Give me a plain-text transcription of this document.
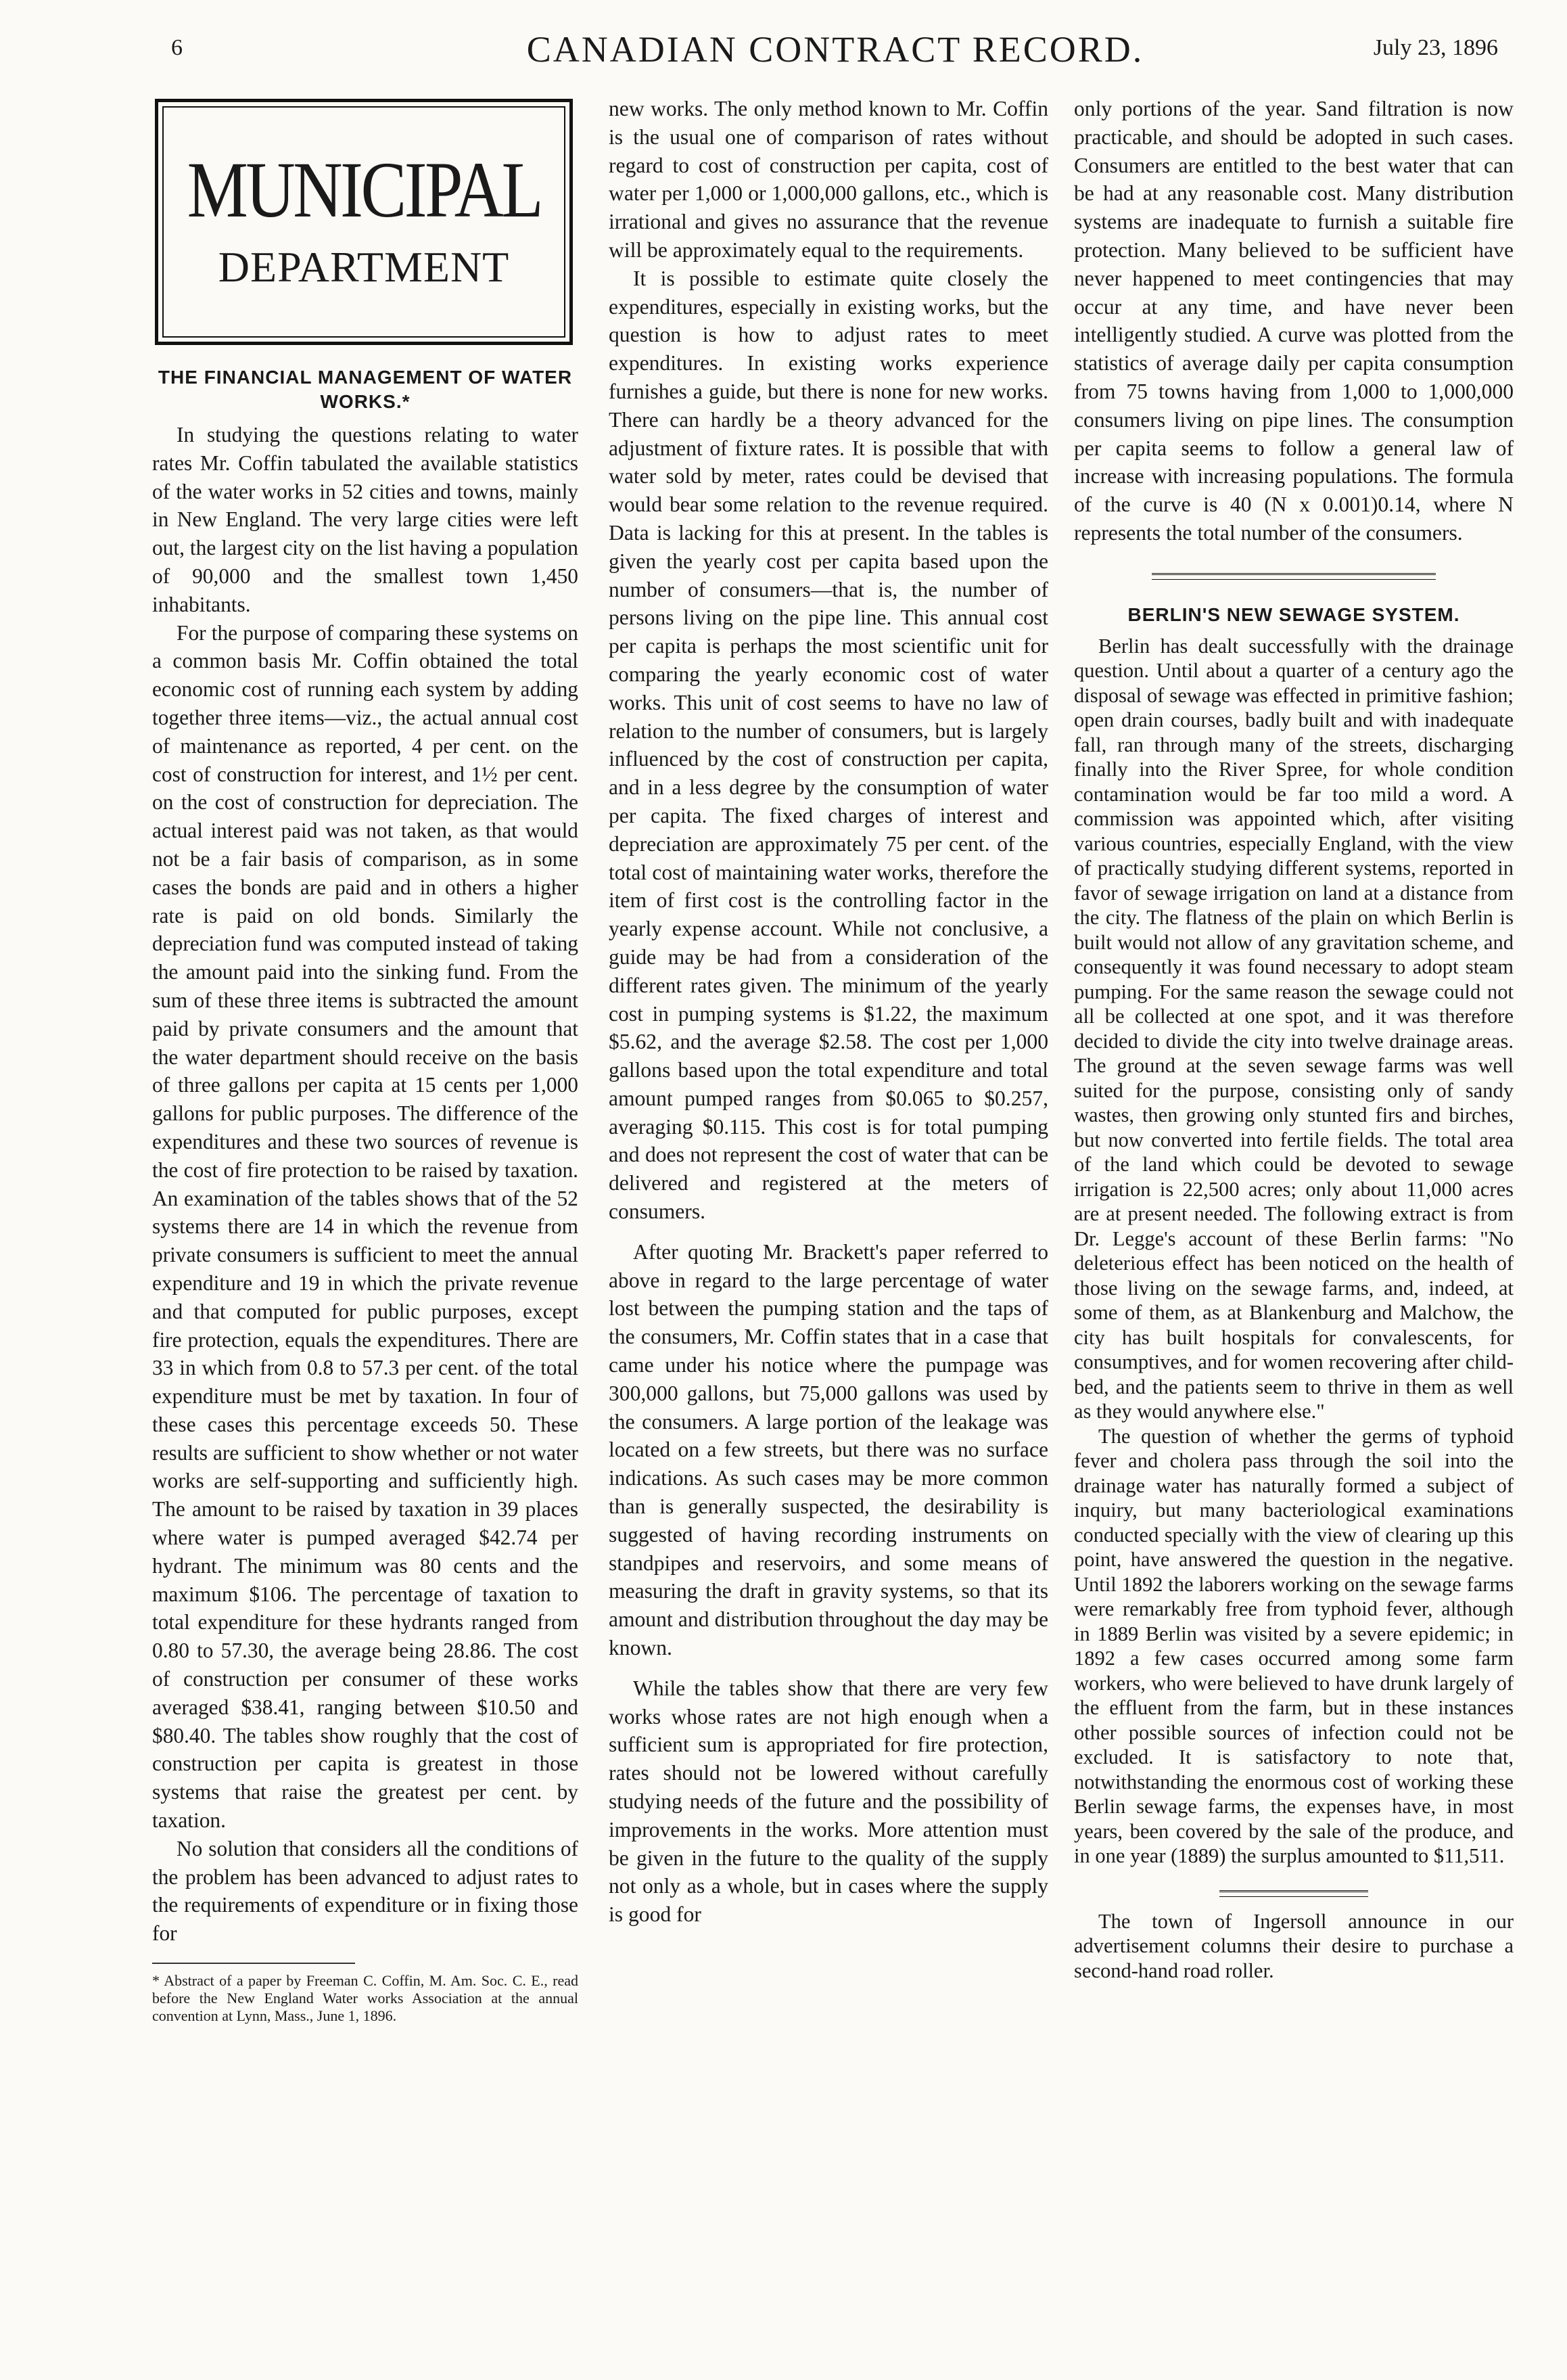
6	CANADIAN CONTRACT RECORD.	July 23, 1896
MUNICIPAL
DEPARTMENT
THE FINANCIAL MANAGEMENT OF WATER WORKS.*

In studying the questions relating to water rates Mr. Coffin tabulated the available statistics of the water works in 52 cities and towns, mainly in New England. The very large cities were left out, the largest city on the list having a population of 90,000 and the smallest town 1,450 inhabitants.

For the purpose of comparing these systems on a common basis Mr. Coffin obtained the total economic cost of running each system by adding together three items—viz., the actual annual cost of maintenance as reported, 4 per cent. on the cost of construction for interest, and 1½ per cent. on the cost of construction for depreciation. The actual interest paid was not taken, as that would not be a fair basis of comparison, as in some cases the bonds are paid and in others a higher rate is paid on old bonds. Similarly the depreciation fund was computed instead of taking the amount paid into the sinking fund. From the sum of these three items is subtracted the amount paid by private consumers and the amount that the water department should receive on the basis of three gallons per capita at 15 cents per 1,000 gallons for public purposes. The difference of the expenditures and these two sources of revenue is the cost of fire protection to be raised by taxation. An examination of the tables shows that of the 52 systems there are 14 in which the revenue from private consumers is sufficient to meet the annual expenditure and 19 in which the private revenue and that computed for public purposes, except fire protection, equals the expenditures. There are 33 in which from 0.8 to 57.3 per cent. of the total expenditure must be met by taxation. In four of these cases this percentage exceeds 50. These results are sufficient to show whether or not water works are self-supporting and sufficiently high. The amount to be raised by taxation in 39 places where water is pumped averaged $42.74 per hydrant. The minimum was 80 cents and the maximum $106. The percentage of taxation to total expenditure for these hydrants ranged from 0.80 to 57.30, the average being 28.86. The cost of construction per consumer of these works averaged $38.41, ranging between $10.50 and $80.40. The tables show roughly that the cost of construction per capita is greatest in those systems that raise the greatest per cent. by taxation.

No solution that considers all the conditions of the problem has been advanced to adjust rates to the requirements of expenditure or in fixing those for

* Abstract of a paper by Freeman C. Coffin, M. Am. Soc. C. E., read before the New England Water works Association at the annual convention at Lynn, Mass., June 1, 1896.

new works. The only method known to Mr. Coffin is the usual one of comparison of rates without regard to cost of construction per capita, cost of water per 1,000 or 1,000,000 gallons, etc., which is irrational and gives no assurance that the revenue will be approximately equal to the requirements.

It is possible to estimate quite closely the expenditures, especially in existing works, but the question is how to adjust rates to meet expenditures. In existing works experience furnishes a guide, but there is none for new works. There can hardly be a theory advanced for the adjustment of fixture rates. It is possible that with water sold by meter, rates could be devised that would bear some relation to the revenue required. Data is lacking for this at present. In the tables is given the yearly cost per capita based upon the number of consumers—that is, the number of persons living on the pipe line. This annual cost per capita is perhaps the most scientific unit for comparing the yearly economic cost of water works. This unit of cost seems to have no law of relation to the number of consumers, but is largely influenced by the cost of construction per capita, and in a less degree by the consumption of water per capita. The fixed charges of interest and depreciation are approximately 75 per cent. of the total cost of maintaining water works, therefore the item of first cost is the controlling factor in the yearly expense account. While not conclusive, a guide may be had from a consideration of the different rates given. The minimum of the yearly cost in pumping systems is $1.22, the maximum $5.62, and the average $2.58. The cost per 1,000 gallons based upon the total expenditure and total amount pumped ranges from $0.065 to $0.257, averaging $0.115. This cost is for total pumping and does not represent the cost of water that can be delivered and registered at the meters of consumers.

After quoting Mr. Brackett's paper referred to above in regard to the large percentage of water lost between the pumping station and the taps of the consumers, Mr. Coffin states that in a case that came under his notice where the pumpage was 300,000 gallons, but 75,000 gallons was used by the consumers. A large portion of the leakage was located on a few streets, but there was no surface indications. As such cases may be more common than is generally suspected, the desirability is suggested of having recording instruments on standpipes and reservoirs, and some means of measuring the draft in gravity systems, so that its amount and distribution throughout the day may be known.

While the tables show that there are very few works whose rates are not high enough when a sufficient sum is appropriated for fire protection, rates should not be lowered without carefully studying needs of the future and the possibility of improvements in the works. More attention must be given in the future to the quality of the supply not only as a whole, but in cases where the supply is good for

only portions of the year. Sand filtration is now practicable, and should be adopted in such cases. Consumers are entitled to the best water that can be had at any reasonable cost. Many distribution systems are inadequate to furnish a suitable fire protection. Many believed to be sufficient have never happened to meet contingencies that may occur at any time, and have never been intelligently studied. A curve was plotted from the statistics of average daily per capita consumption from 75 towns having from 1,000 to 1,000,000 consumers living on pipe lines. The consumption per capita seems to follow a general law of increase with increasing populations. The formula of the curve is 40 (N x 0.001)0.14, where N represents the total number of the consumers.

BERLIN'S NEW SEWAGE SYSTEM.

Berlin has dealt successfully with the drainage question. Until about a quarter of a century ago the disposal of sewage was effected in primitive fashion; open drain courses, badly built and with inadequate fall, ran through many of the streets, discharging finally into the River Spree, for whole condition contamination would be far too mild a word. A commission was appointed which, after visiting various countries, especially England, with the view of practically studying different systems, reported in favor of sewage irrigation on land at a distance from the city. The flatness of the plain on which Berlin is built would not allow of any gravitation scheme, and consequently it was found necessary to adopt steam pumping. For the same reason the sewage could not all be collected at one spot, and it was therefore decided to divide the city into twelve drainage areas. The ground at the seven sewage farms was well suited for the purpose, consisting only of sandy wastes, then growing only stunted firs and birches, but now converted into fertile fields. The total area of the land which could be devoted to sewage irrigation is 22,500 acres; only about 11,000 acres are at present needed. The following extract is from Dr. Legge's account of these Berlin farms: "No deleterious effect has been noticed on the health of those living on the sewage farms, and, indeed, at some of them, as at Blankenburg and Malchow, the city has built hospitals for convalescents, for consumptives, and for women recovering after child-bed, and the patients seem to thrive in them as well as they would anywhere else."

The question of whether the germs of typhoid fever and cholera pass through the soil into the drainage water has naturally formed a subject of inquiry, but many bacteriological examinations conducted specially with the view of clearing up this point, have answered the question in the negative. Until 1892 the laborers working on the sewage farms were remarkably free from typhoid fever, although in 1889 Berlin was visited by a severe epidemic; in 1892 a few cases occurred among some farm workers, who were believed to have drunk largely of the effluent from the farm, but in these instances other possible sources of infection could not be excluded. It is satisfactory to note that, notwithstanding the enormous cost of working these Berlin sewage farms, the expenses have, in most years, been covered by the sale of the produce, and in one year (1889) the surplus amounted to $11,511.

The town of Ingersoll announce in our advertisement columns their desire to purchase a second-hand road roller.
